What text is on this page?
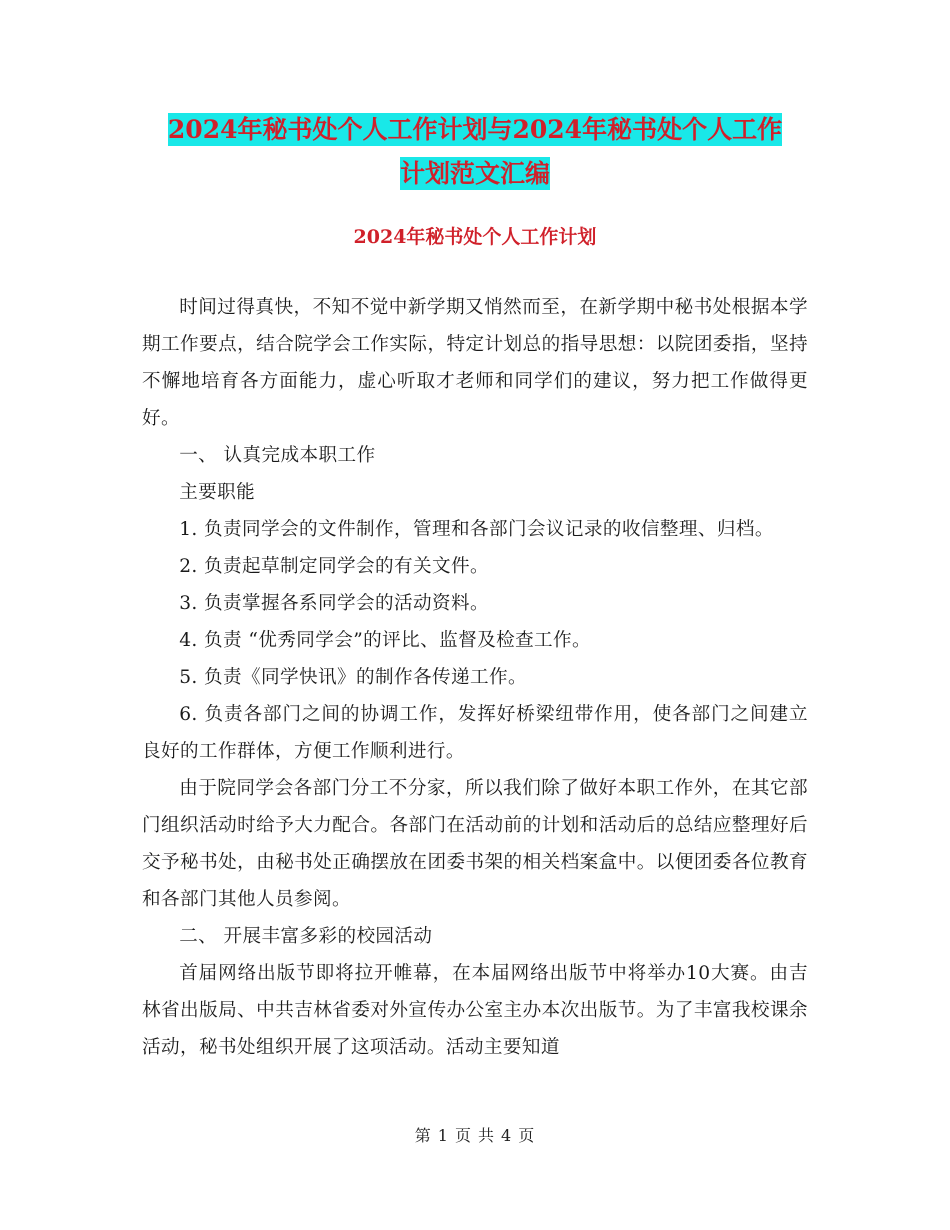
2024年秘书处个人工作计划与2024年秘书处个人工作
计划范文汇编
2024年秘书处个人工作计划

时间过得真快，不知不觉中新学期又悄然而至，在新学期中秘书处根据本学期工作要点，结合院学会工作实际，特定计划总的指导思想：以院团委指，坚持不懈地培育各方面能力，虚心听取才老师和同学们的建议，努力把工作做得更好。

一、 认真完成本职工作

主要职能

1. 负责同学会的文件制作，管理和各部门会议记录的收信整理、归档。

2. 负责起草制定同学会的有关文件。

3. 负责掌握各系同学会的活动资料。

4. 负责 “优秀同学会”的评比、监督及检查工作。

5. 负责《同学快讯》的制作各传递工作。

6. 负责各部门之间的协调工作，发挥好桥梁纽带作用，使各部门之间建立良好的工作群体，方便工作顺利进行。

由于院同学会各部门分工不分家，所以我们除了做好本职工作外，在其它部门组织活动时给予大力配合。各部门在活动前的计划和活动后的总结应整理好后交予秘书处，由秘书处正确摆放在团委书架的相关档案盒中。以便团委各位教育和各部门其他人员参阅。

二、 开展丰富多彩的校园活动

首届网络出版节即将拉开帷幕，在本届网络出版节中将举办10大赛。由吉林省出版局、中共吉林省委对外宣传办公室主办本次出版节。为了丰富我校课余活动，秘书处组织开展了这项活动。活动主要知道

第 1 页 共 4 页
